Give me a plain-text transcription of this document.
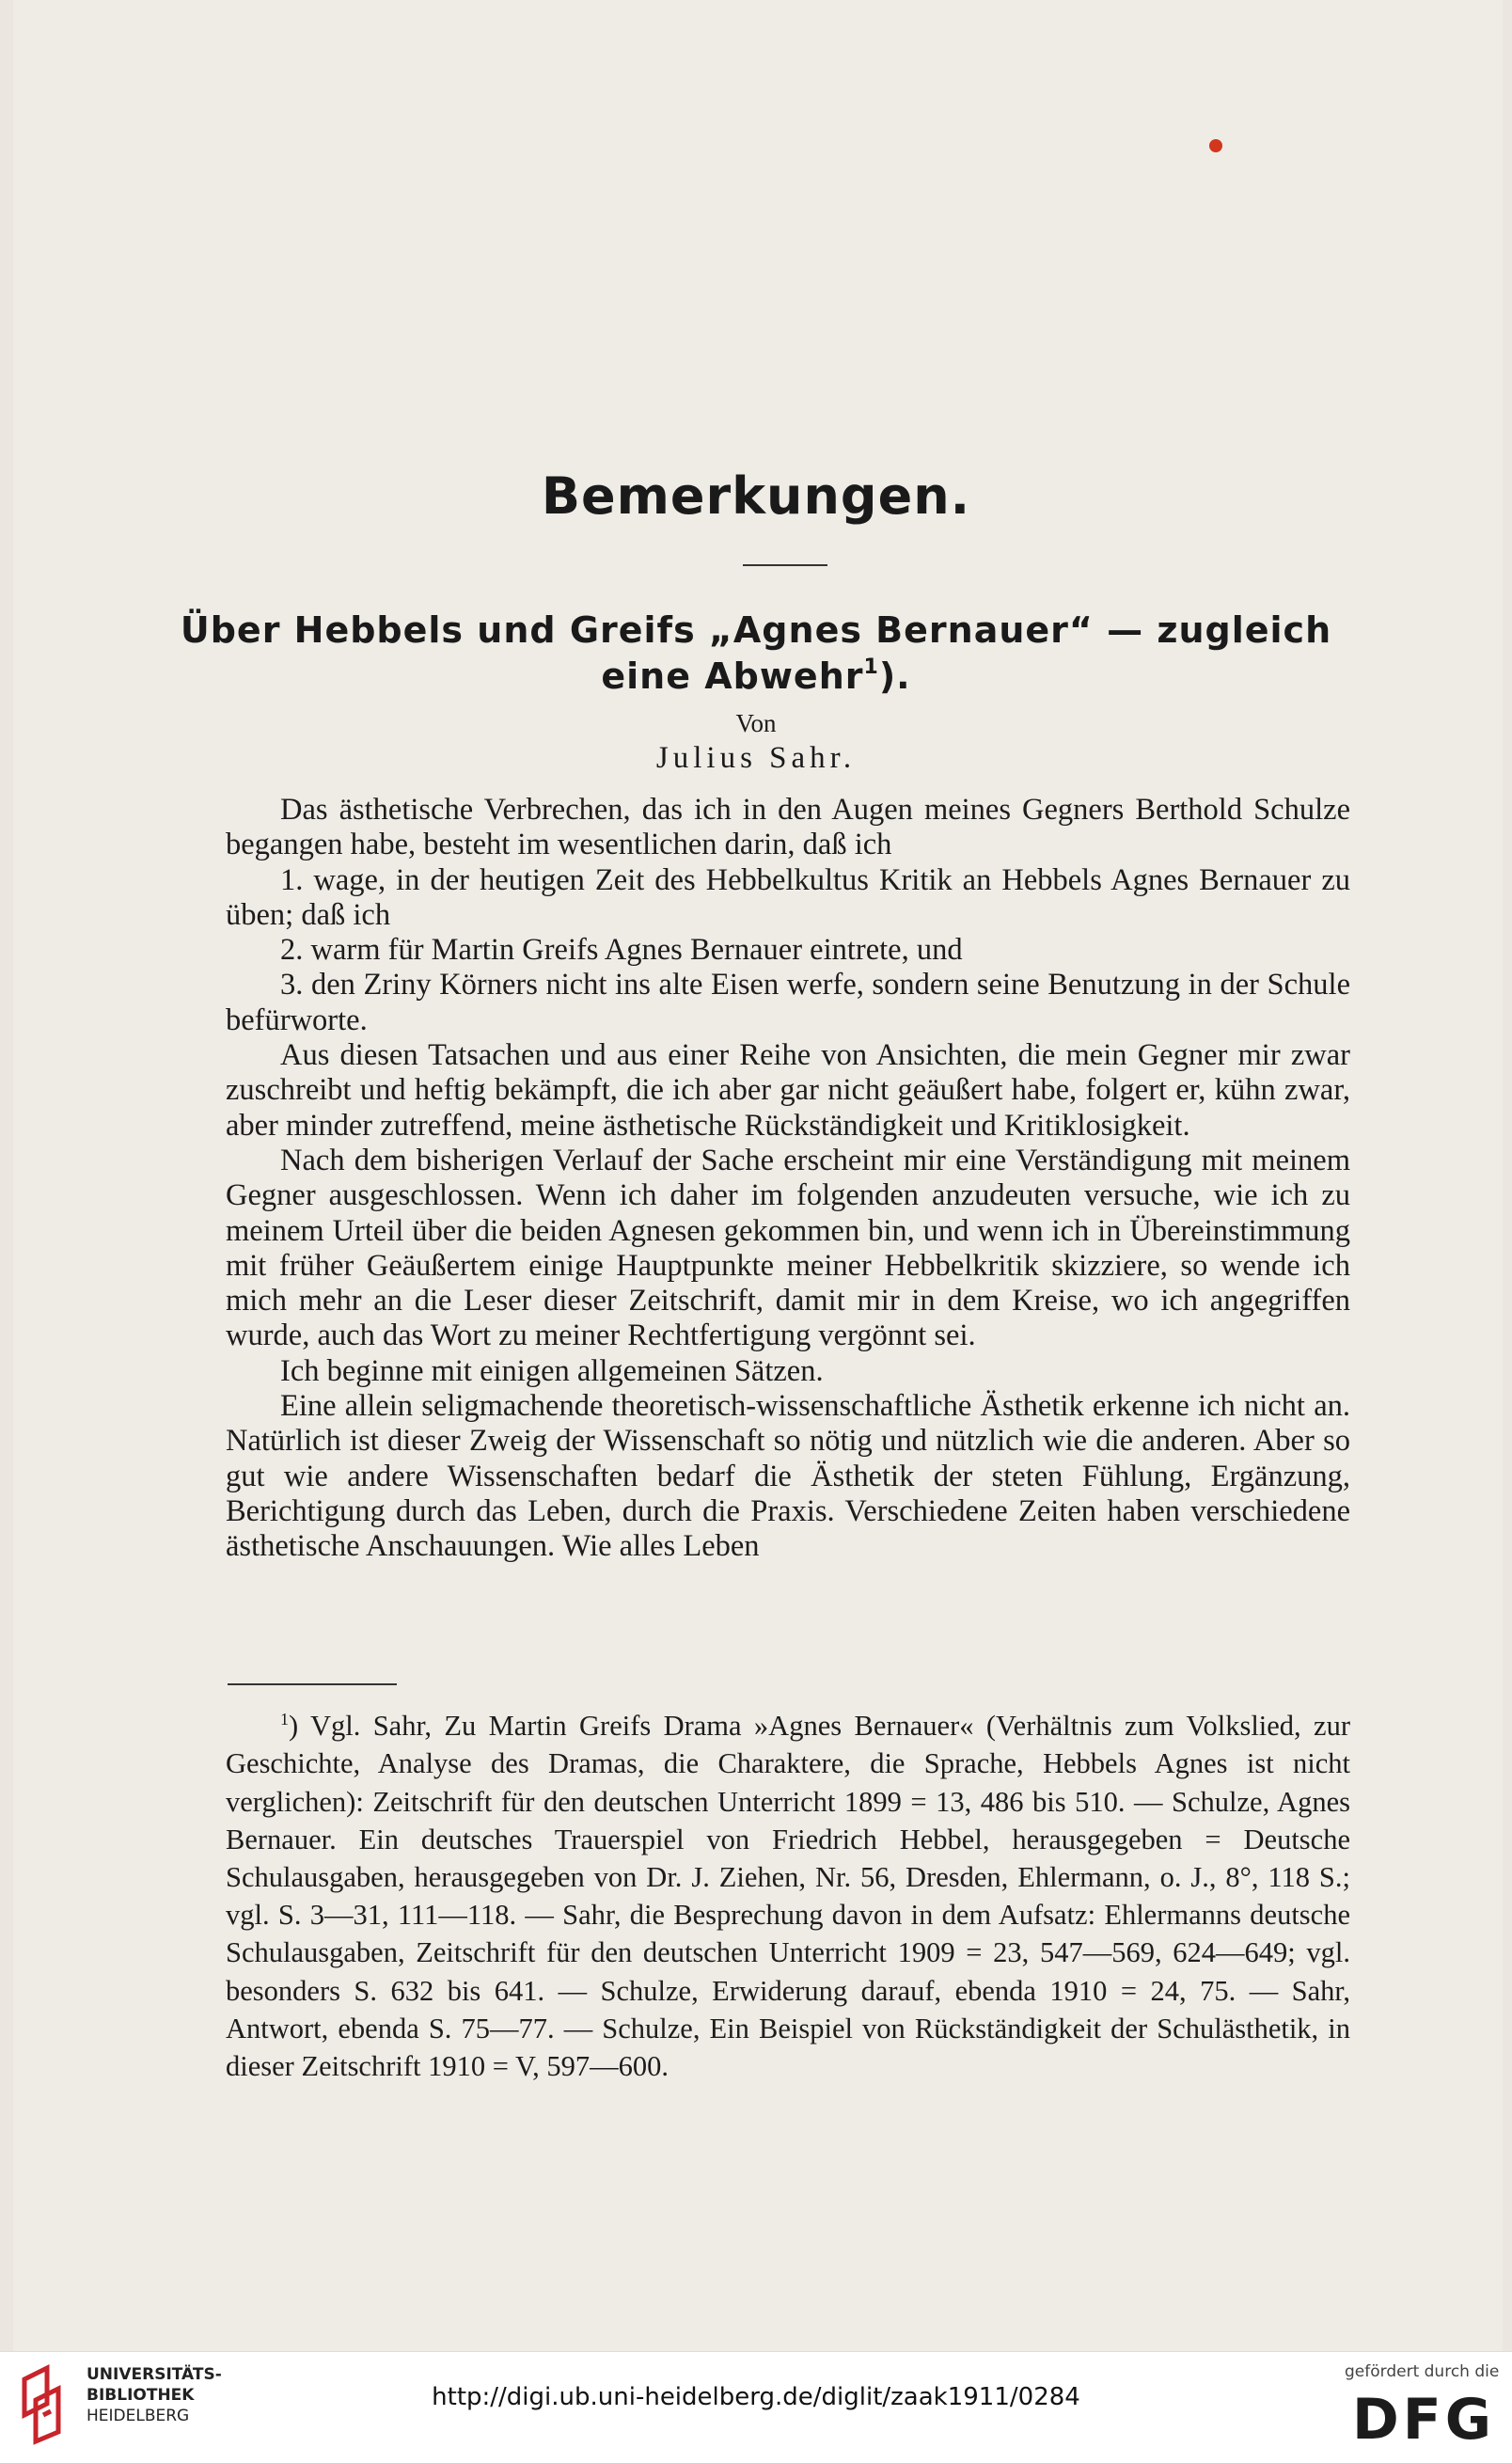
Bemerkungen.
Über Hebbels und Greifs „Agnes Bernauer“ — zugleich
eine Abwehr$^1$).
Von
Julius Sahr.

Das ästhetische Verbrechen, das ich in den Augen meines Gegners Berthold Schulze begangen habe, besteht im wesentlichen darin, daß ich

1. wage, in der heutigen Zeit des Hebbelkultus Kritik an Hebbels Agnes Bernauer zu üben; daß ich

2. warm für Martin Greifs Agnes Bernauer eintrete, und

3. den Zriny Körners nicht ins alte Eisen werfe, sondern seine Benutzung in der Schule befürworte.

Aus diesen Tatsachen und aus einer Reihe von Ansichten, die mein Gegner mir zwar zuschreibt und heftig bekämpft, die ich aber gar nicht geäußert habe, folgert er, kühn zwar, aber minder zutreffend, meine ästhetische Rückständigkeit und Kritiklosigkeit.

Nach dem bisherigen Verlauf der Sache erscheint mir eine Verständigung mit meinem Gegner ausgeschlossen. Wenn ich daher im folgenden anzudeuten versuche, wie ich zu meinem Urteil über die beiden Agnesen gekommen bin, und wenn ich in Übereinstimmung mit früher Geäußertem einige Hauptpunkte meiner Hebbelkritik skizziere, so wende ich mich mehr an die Leser dieser Zeitschrift, damit mir in dem Kreise, wo ich angegriffen wurde, auch das Wort zu meiner Rechtfertigung vergönnt sei.

Ich beginne mit einigen allgemeinen Sätzen.

Eine allein seligmachende theoretisch-wissenschaftliche Ästhetik erkenne ich nicht an. Natürlich ist dieser Zweig der Wissenschaft so nötig und nützlich wie die anderen. Aber so gut wie andere Wissenschaften bedarf die Ästhetik der steten Fühlung, Ergänzung, Berichtigung durch das Leben, durch die Praxis. Verschiedene Zeiten haben verschiedene ästhetische Anschauungen. Wie alles Leben

$^1$) Vgl. Sahr, Zu Martin Greifs Drama »Agnes Bernauer« (Verhältnis zum Volkslied, zur Geschichte, Analyse des Dramas, die Charaktere, die Sprache, Hebbels Agnes ist nicht verglichen): Zeitschrift für den deutschen Unterricht 1899 = 13, 486 bis 510. — Schulze, Agnes Bernauer. Ein deutsches Trauerspiel von Friedrich Hebbel, herausgegeben = Deutsche Schulausgaben, herausgegeben von Dr. J. Ziehen, Nr. 56, Dresden, Ehlermann, o. J., 8°, 118 S.; vgl. S. 3—31, 111—118. — Sahr, die Besprechung davon in dem Aufsatz: Ehlermanns deutsche Schulausgaben, Zeitschrift für den deutschen Unterricht 1909 = 23, 547—569, 624—649; vgl. besonders S. 632 bis 641. — Schulze, Erwiderung darauf, ebenda 1910 = 24, 75. — Sahr, Antwort, ebenda S. 75—77. — Schulze, Ein Beispiel von Rückständigkeit der Schulästhetik, in dieser Zeitschrift 1910 = V, 597—600.

UNIVERSITÄTS-
BIBLIOTHEK
HEIDELBERG
http://digi.ub.uni-heidelberg.de/diglit/zaak1911/0284
gefördert durch die
DFG
